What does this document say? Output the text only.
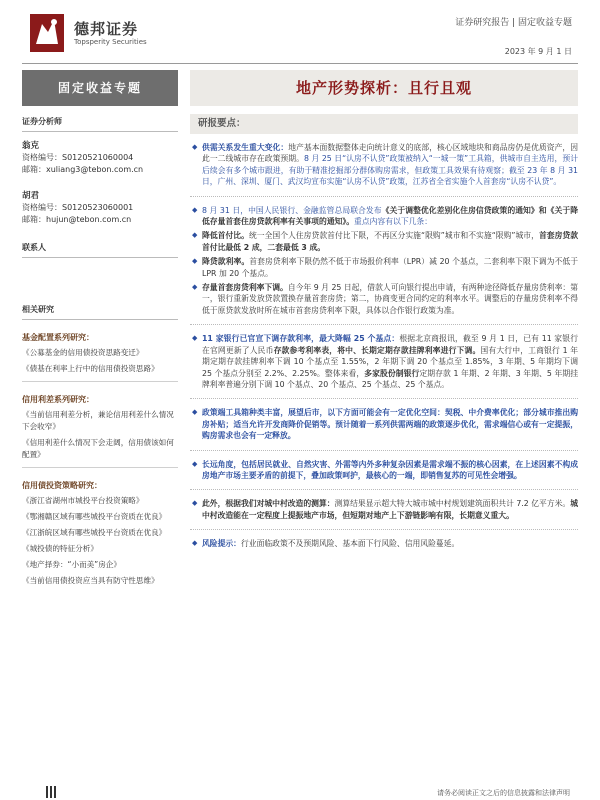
德邦证券
Topsperity Securities
证券研究报告 | 固定收益专题
2023 年 9 月 1 日
固定收益专题
证券分析师
翁克
资格编号：S0120521060004
邮箱：xuliang3@tebon.com.cn
胡君
资格编号：S0120523060001
邮箱：hujun@tebon.com.cn
联系人
相关研究
基金配置系列研究：
《公募基金的信用债投资思路变迁》
《债基在利率上行中的信用债投资思路》
信用利差系列研究：
《当前信用利差分析，兼论信用利差什么情况下会收窄》
《信用利差什么情况下会走阔，信用债该如何配置》
信用债投资策略研究：
《浙江省湖州市城投平台投资策略》
《鄂湘赣区域有哪些城投平台资质在优良》
《江浙皖区域有哪些城投平台资质在优良》
《城投债的特征分析》
《地产择券：“小而美”房企》
《当前信用债投资应当具有防守性思维》
地产形势探析：且行且观
研报要点：
◆ 供需关系发生重大变化：地产基本面数据整体走向统计意义的底部，核心区域地块和商品房仍是优质资产，因此一二线城市存在政策预期。8 月 25 日“认房不认贷”政策被纳入“一城一策”工具箱，供城市自主选用，预计后续会有多个城市跟进，有助于精准挖掘部分群体购房需求，但政策工具效果有待观察；截至 23 年 8 月 31 日，广州、深圳、厦门、武汉均宣布实施“认房不认贷”政策，江苏省全省实施个人首套房“认房不认贷”。
◆ 8 月 31 日，中国人民银行、金融监管总局联合发布《关于调整优化差别化住房信贷政策的通知》和《关于降低存量首套住房贷款利率有关事项的通知》。重点内容有以下几条：
◆ 降低首付比。统一全国个人住房贷款首付比下限，不再区分实施“限购”城市和不实施“限购”城市，首套房贷款首付比最低 2 成，二套最低 3 成。
◆ 降贷款利率。首套房贷利率下限仍然不低于市场报价利率（LPR）减 20 个基点，二套利率下限下调为不低于 LPR 加 20 个基点。
◆ 存量首套房贷利率下调。自今年 9 月 25 日起，借款人可向银行提出申请，有两种途径降低存量房贷利率：第一，银行重新发放贷款置换存量首套房贷；第二，协商变更合同约定的利率水平。调整后的存量房贷利率不得低于原贷款发放时所在城市首套房贷利率下限，具体以合作银行政策为准。
◆ 11 家银行已官宣下调存款利率，最大降幅 25 个基点：根据北京商报讯，截至 9 月 1 日，已有 11 家银行在官网更新了人民币存款参考利率表，将中、长期定期存款挂牌利率进行下调。国有大行中，工商银行 1 年期定期存款挂牌利率下调 10 个基点至 1.55%，2 年期下调 20 个基点至 1.85%，3 年期、5 年期均下调 25 个基点分别至 2.2%、2.25%。整体来看，多家股份制银行定期存款 1 年期、2 年期、3 年期、5 年期挂牌利率普遍分别下调 10 个基点、20 个基点、25 个基点、25 个基点。
◆ 政策端工具箱种类丰富，展望后市，以下方面可能会有一定优化空间：契税、中介费率优化；部分城市推出购房补贴；适当允许开发商降价促销等。预计随着一系列供需两端的政策逐步优化，需求端信心或有一定提振，购房需求也会有一定释放。
◆ 长远角度，包括居民就业、自然灾害、外需等内外多种复杂因素是需求端不振的核心因素，在上述因素不构成房地产市场主要矛盾的前提下，叠加政策呵护，最核心的一端，即销售复苏的可见性会增强。
◆ 此外，根据我们对城中村改造的测算：测算结果显示超大特大城市城中村规划建筑面积共计 7.2 亿平方米。城中村改造能在一定程度上提振地产市场，但短期对地产上下游链影响有限，长期意义重大。
◆ 风险提示：行业面临政策不及预期风险、基本面下行风险、信用风险蔓延。
请务必阅读正文之后的信息披露和法律声明
